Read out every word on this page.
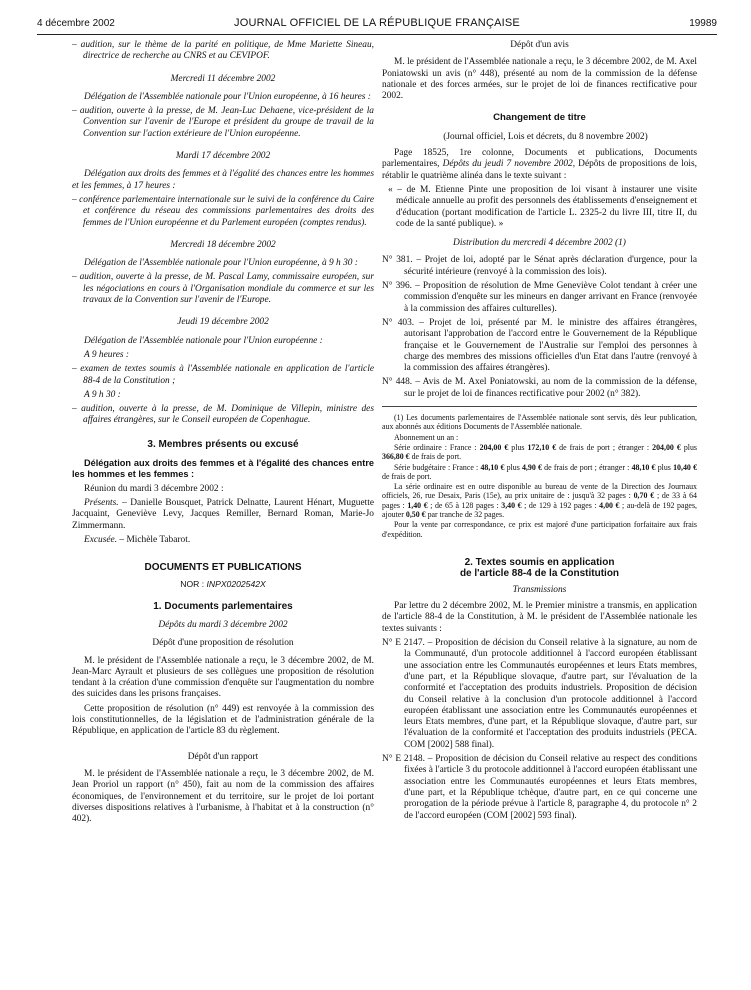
4 décembre 2002	JOURNAL OFFICIEL DE LA RÉPUBLIQUE FRANÇAISE	19989

– audition, sur le thème de la parité en politique, de Mme Mariette Sineau, directrice de recherche au CNRS et au CEVIPOF.

Mercredi 11 décembre 2002

Délégation de l'Assemblée nationale pour l'Union européenne, à 16 heures :

– audition, ouverte à la presse, de M. Jean-Luc Dehaene, vice-président de la Convention sur l'avenir de l'Europe et président du groupe de travail de la Convention sur l'action extérieure de l'Union européenne.

Mardi 17 décembre 2002

Délégation aux droits des femmes et à l'égalité des chances entre les hommes et les femmes, à 17 heures :

– conférence parlementaire internationale sur le suivi de la conférence du Caire et conférence du réseau des commissions parlementaires des droits des femmes de l'Union européenne et du Parlement européen (comptes rendus).

Mercredi 18 décembre 2002

Délégation de l'Assemblée nationale pour l'Union européenne, à 9 h 30 :

– audition, ouverte à la presse, de M. Pascal Lamy, commissaire européen, sur les négociations en cours à l'Organisation mondiale du commerce et sur les travaux de la Convention sur l'avenir de l'Europe.

Jeudi 19 décembre 2002

Délégation de l'Assemblée nationale pour l'Union européenne :

A 9 heures :

– examen de textes soumis à l'Assemblée nationale en application de l'article 88-4 de la Constitution ;

A 9 h 30 :

– audition, ouverte à la presse, de M. Dominique de Villepin, ministre des affaires étrangères, sur le Conseil européen de Copenhague.

3. Membres présents ou excusé

Délégation aux droits des femmes et à l'égalité des chances entre les hommes et les femmes :

Réunion du mardi 3 décembre 2002 :

Présents. – Danielle Bousquet, Patrick Delnatte, Laurent Hénart, Muguette Jacquaint, Geneviève Levy, Jacques Remiller, Bernard Roman, Marie-Jo Zimmermann.

Excusée. – Michèle Tabarot.

DOCUMENTS ET PUBLICATIONS

NOR : INPX0202542X

1. Documents parlementaires

Dépôts du mardi 3 décembre 2002

Dépôt d'une proposition de résolution

M. le président de l'Assemblée nationale a reçu, le 3 décembre 2002, de M. Jean-Marc Ayrault et plusieurs de ses collègues une proposition de résolution tendant à la création d'une commission d'enquête sur l'augmentation du nombre des suicides dans les prisons françaises.

Cette proposition de résolution (n° 449) est renvoyée à la commission des lois constitutionnelles, de la législation et de l'administration générale de la République, en application de l'article 83 du règlement.

Dépôt d'un rapport

M. le président de l'Assemblée nationale a reçu, le 3 décembre 2002, de M. Jean Proriol un rapport (n° 450), fait au nom de la commission des affaires économiques, de l'environnement et du territoire, sur le projet de loi portant diverses dispositions relatives à l'urbanisme, à l'habitat et à la construction (n° 402).

Dépôt d'un avis

M. le président de l'Assemblée nationale a reçu, le 3 décembre 2002, de M. Axel Poniatowski un avis (n° 448), présenté au nom de la commission de la défense nationale et des forces armées, sur le projet de loi de finances rectificative pour 2002.

Changement de titre

(Journal officiel, Lois et décrets, du 8 novembre 2002)

Page 18525, 1re colonne, Documents et publications, Documents parlementaires, Dépôts du jeudi 7 novembre 2002, Dépôts de propositions de lois, rétablir le quatrième alinéa dans le texte suivant :

« – de M. Etienne Pinte une proposition de loi visant à instaurer une visite médicale annuelle au profit des personnels des établissements d'enseignement et d'éducation (portant modification de l'article L. 2325-2 du livre III, titre II, du code de la santé publique). »

Distribution du mercredi 4 décembre 2002 (1)

N° 381. – Projet de loi, adopté par le Sénat après déclaration d'urgence, pour la sécurité intérieure (renvoyé à la commission des lois).

N° 396. – Proposition de résolution de Mme Geneviève Colot tendant à créer une commission d'enquête sur les mineurs en danger arrivant en France (renvoyée à la commission des affaires culturelles).

N° 403. – Projet de loi, présenté par M. le ministre des affaires étrangères, autorisant l'approbation de l'accord entre le Gouvernement de la République française et le Gouvernement de l'Australie sur l'emploi des personnes à charge des membres des missions officielles d'un Etat dans l'autre (renvoyé à la commission des affaires étrangères).

N° 448. – Avis de M. Axel Poniatowski, au nom de la commission de la défense, sur le projet de loi de finances rectificative pour 2002 (n° 382).

(1) Les documents parlementaires de l'Assemblée nationale sont servis, dès leur publication, aux abonnés aux éditions Documents de l'Assemblée nationale.

Abonnement un an :

Série ordinaire : France : 204,00 € plus 172,10 € de frais de port ; étranger : 204,00 € plus 366,80 € de frais de port.

Série budgétaire : France : 48,10 € plus 4,90 € de frais de port ; étranger : 48,10 € plus 10,40 € de frais de port.

La série ordinaire est en outre disponible au bureau de vente de la Direction des Journaux officiels, 26, rue Desaix, Paris (15e), au prix unitaire de : jusqu'à 32 pages : 0,70 € ; de 33 à 64 pages : 1,40 € ; de 65 à 128 pages : 3,40 € ; de 129 à 192 pages : 4,00 € ; au-delà de 192 pages, ajouter 0,50 € par tranche de 32 pages.

Pour la vente par correspondance, ce prix est majoré d'une participation forfaitaire aux frais d'expédition.

2. Textes soumis en application
de l'article 88-4 de la Constitution

Transmissions

Par lettre du 2 décembre 2002, M. le Premier ministre a transmis, en application de l'article 88-4 de la Constitution, à M. le président de l'Assemblée nationale les textes suivants :

N° E 2147. – Proposition de décision du Conseil relative à la signature, au nom de la Communauté, d'un protocole additionnel à l'accord européen établissant une association entre les Communautés européennes et leurs Etats membres, d'une part, et la République slovaque, d'autre part, sur l'évaluation de la conformité et l'acceptation des produits industriels. Proposition de décision du Conseil relative à la conclusion d'un protocole additionnel à l'accord européen établissant une association entre les Communautés européennes et leurs Etats membres, d'une part, et la République slovaque, d'autre part, sur l'évaluation de la conformité et l'acceptation des produits industriels (PECA. COM [2002] 588 final).

N° E 2148. – Proposition de décision du Conseil relative au respect des conditions fixées à l'article 3 du protocole additionnel à l'accord européen établissant une association entre les Communautés européennes et leurs Etats membres, d'une part, et la République tchèque, d'autre part, en ce qui concerne une prorogation de la période prévue à l'article 8, paragraphe 4, du protocole n° 2 de l'accord européen (COM [2002] 593 final).
